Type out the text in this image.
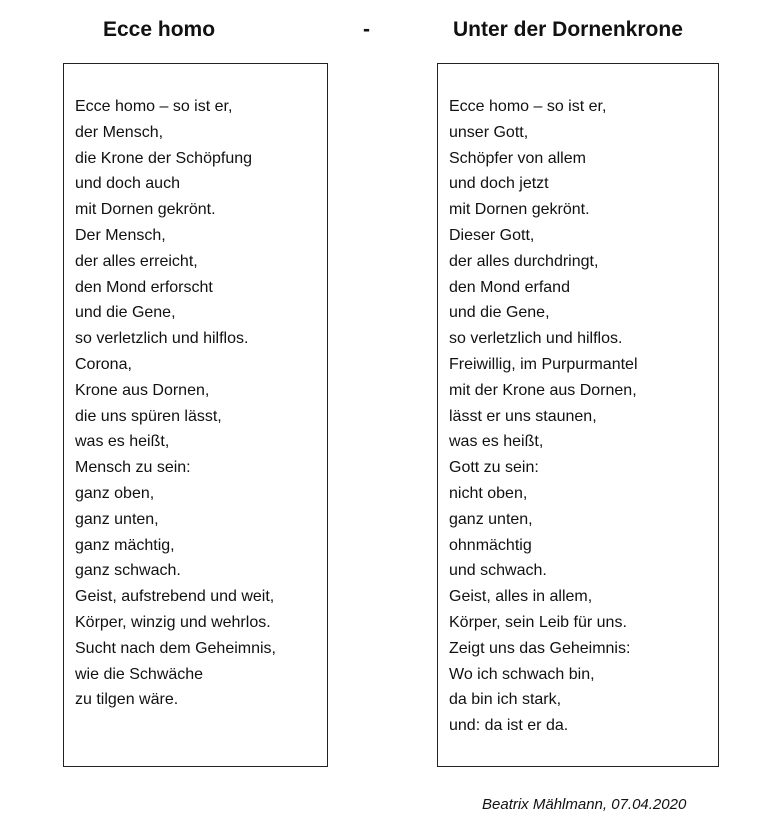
Ecce homo	-	Unter der Dornenkrone
Ecce homo – so ist er,
der Mensch,
die Krone der Schöpfung
und doch auch
mit Dornen gekrönt.
Der Mensch,
der alles erreicht,
den Mond erforscht
und die Gene,
so verletzlich und hilflos.
Corona,
Krone aus Dornen,
die uns spüren lässt,
was es heißt,
Mensch zu sein:
ganz oben,
ganz unten,
ganz mächtig,
ganz schwach.
Geist, aufstrebend und weit,
Körper, winzig und wehrlos.
Sucht nach dem Geheimnis,
wie die Schwäche
zu tilgen wäre.
Ecce homo – so ist er,
unser Gott,
Schöpfer von allem
und doch jetzt
mit Dornen gekrönt.
Dieser Gott,
der alles durchdringt,
den Mond erfand
und die Gene,
so verletzlich und hilflos.
Freiwillig, im Purpurmantel
mit der Krone aus Dornen,
lässt er uns staunen,
was es heißt,
Gott zu sein:
nicht oben,
ganz unten,
ohnmächtig
und schwach.
Geist, alles in allem,
Körper, sein Leib für uns.
Zeigt uns das Geheimnis:
Wo ich schwach bin,
da bin ich stark,
und: da ist er da.
Beatrix Mählmann, 07.04.2020
